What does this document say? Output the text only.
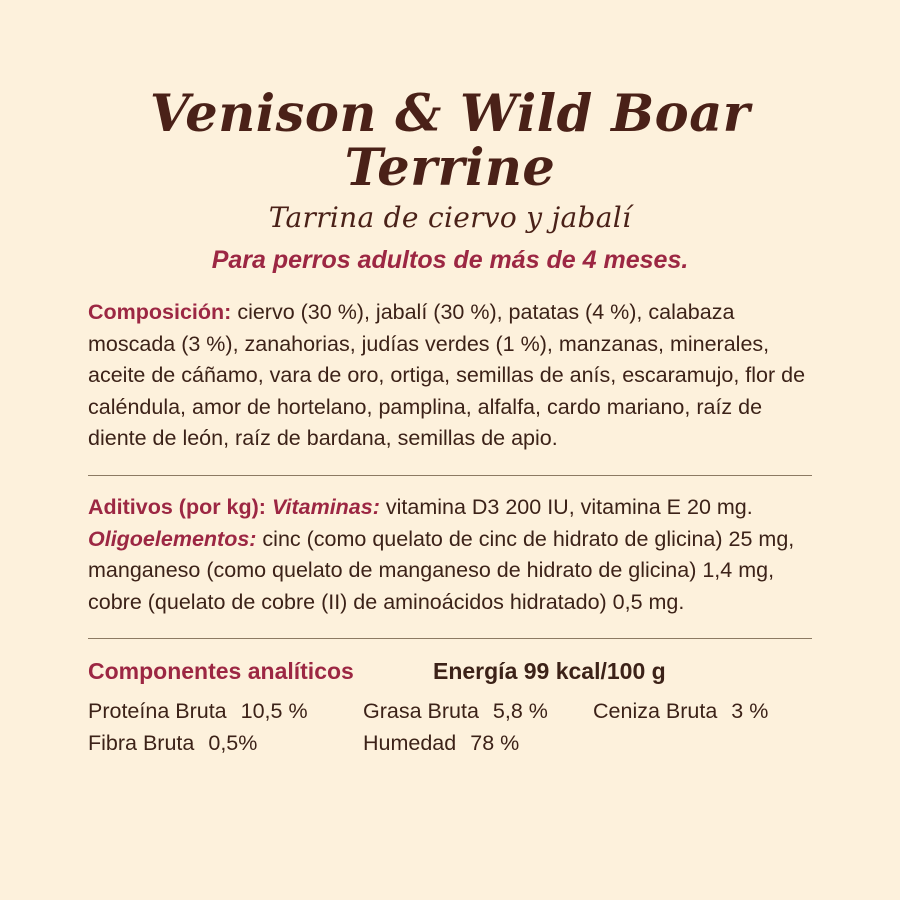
Venison & Wild Boar Terrine
Tarrina de ciervo y jabalí
Para perros adultos de más de 4 meses.

Composición: ciervo (30 %), jabalí (30 %), patatas (4 %), calabaza moscada (3 %), zanahorias, judías verdes (1 %), manzanas, minerales, aceite de cáñamo, vara de oro, ortiga, semillas de anís, escaramujo, flor de caléndula, amor de hortelano, pamplina, alfalfa, cardo mariano, raíz de diente de león, raíz de bardana, semillas de apio.

Aditivos (por kg): Vitaminas: vitamina D3 200 IU, vitamina E 20 mg. Oligoelementos: cinc (como quelato de cinc de hidrato de glicina) 25 mg, manganeso (como quelato de manganeso de hidrato de glicina) 1,4 mg, cobre (quelato de cobre (II) de aminoácidos hidratado) 0,5 mg.

Componentes analíticos	Energía 99 kcal/100 g
Proteína Bruta 10,5 %	Grasa Bruta 5,8 % Ceniza Bruta 3 %
Fibra Bruta 0,5%	Humedad 78 %
